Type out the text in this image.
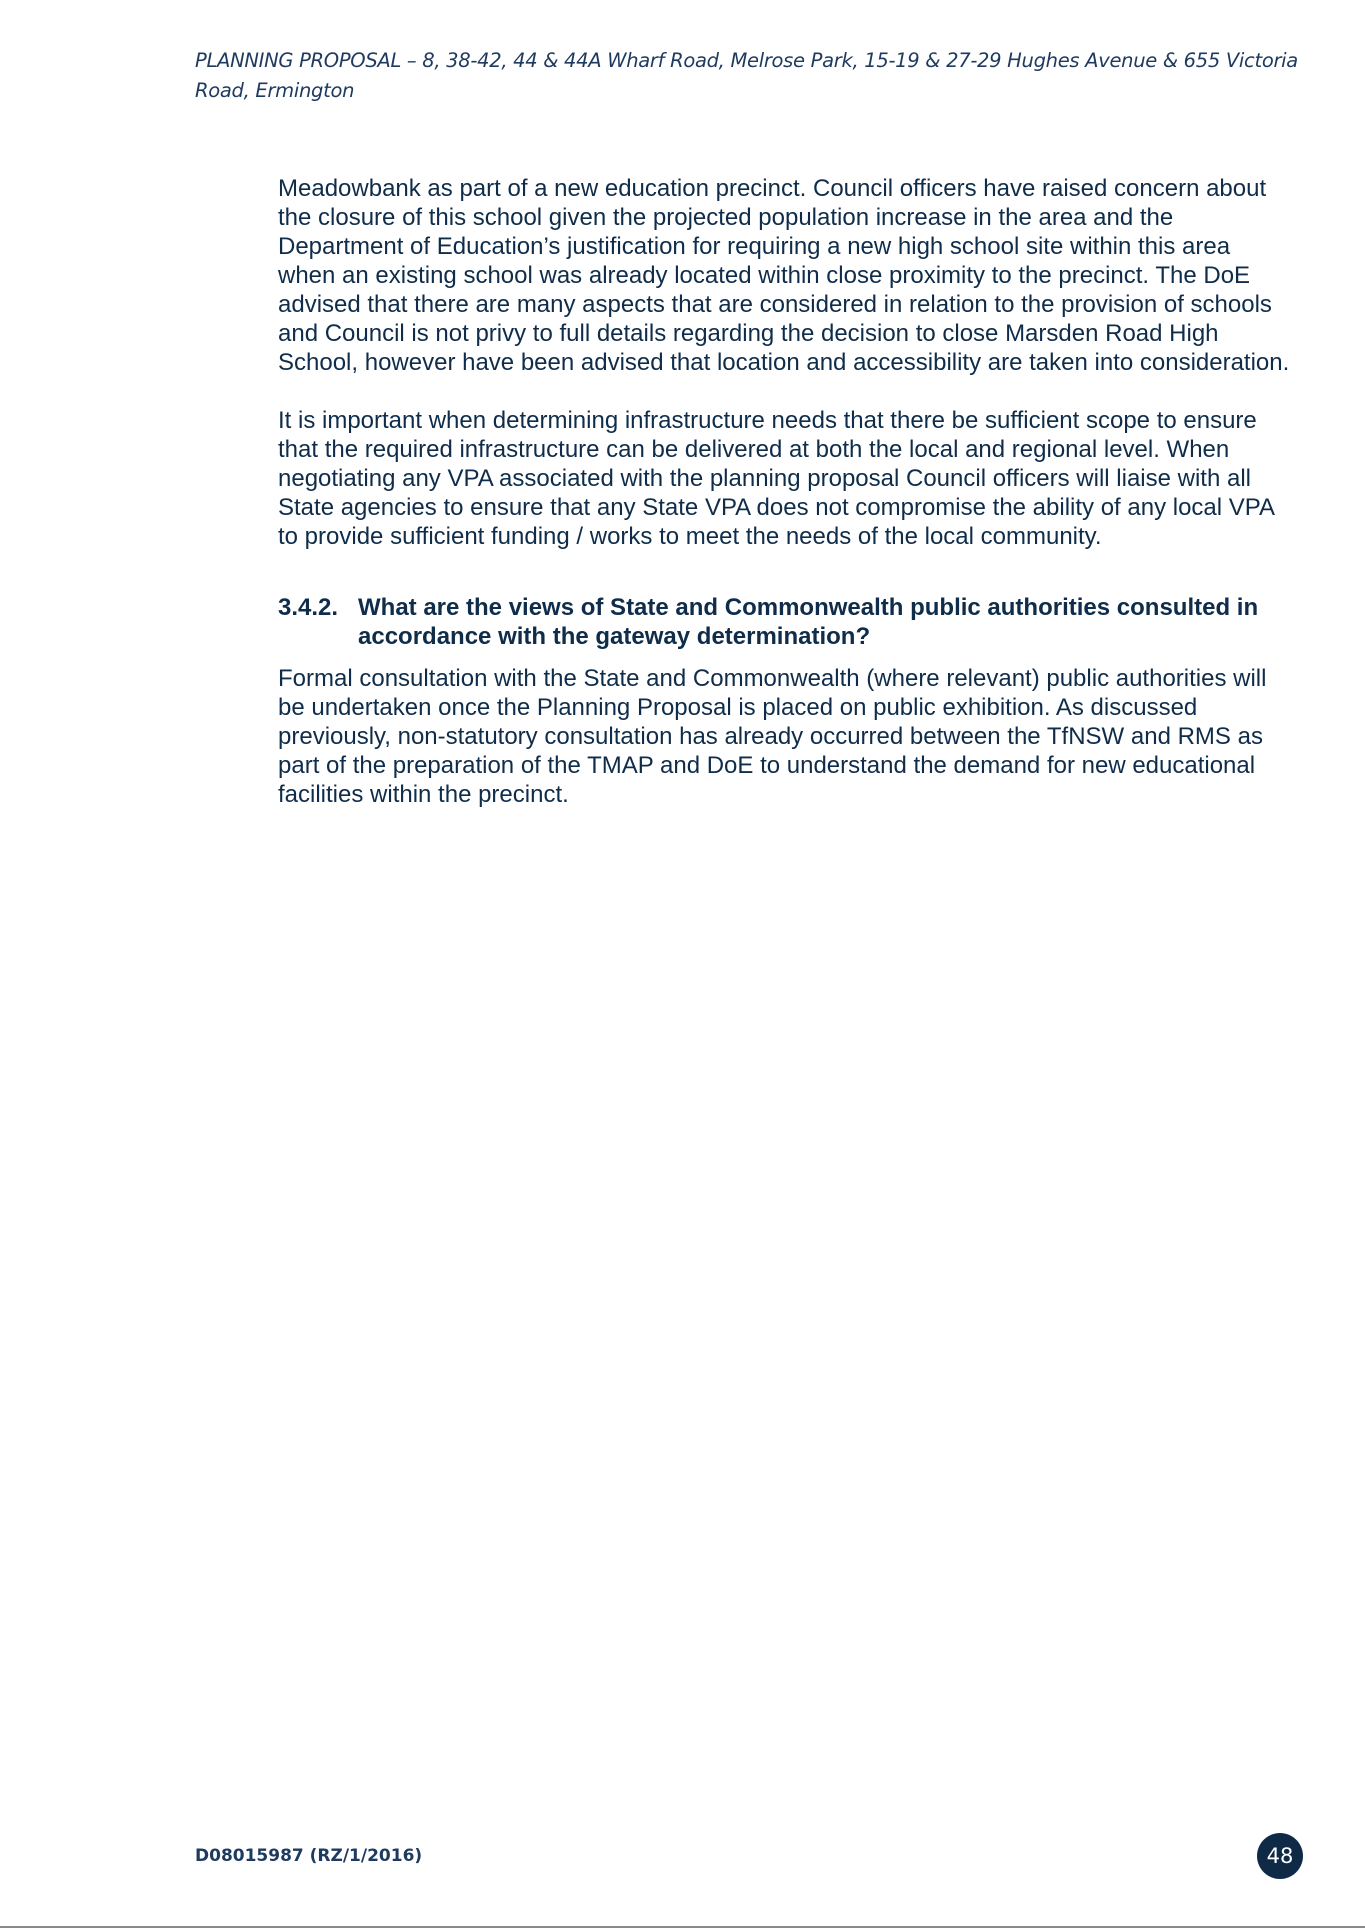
PLANNING PROPOSAL – 8, 38-42, 44 & 44A Wharf Road, Melrose Park, 15-19 & 27-29 Hughes Avenue & 655 Victoria Road, Ermington

Meadowbank as part of a new education precinct. Council officers have raised concern about the closure of this school given the projected population increase in the area and the Department of Education’s justification for requiring a new high school site within this area when an existing school was already located within close proximity to the precinct. The DoE advised that there are many aspects that are considered in relation to the provision of schools and Council is not privy to full details regarding the decision to close Marsden Road High School, however have been advised that location and accessibility are taken into consideration.

It is important when determining infrastructure needs that there be sufficient scope to ensure that the required infrastructure can be delivered at both the local and regional level. When negotiating any VPA associated with the planning proposal Council officers will liaise with all State agencies to ensure that any State VPA does not compromise the ability of any local VPA to provide sufficient funding / works to meet the needs of the local community.

3.4.2. What are the views of State and Commonwealth public authorities consulted in accordance with the gateway determination?

Formal consultation with the State and Commonwealth (where relevant) public authorities will be undertaken once the Planning Proposal is placed on public exhibition. As discussed previously, non-statutory consultation has already occurred between the TfNSW and RMS as part of the preparation of the TMAP and DoE to understand the demand for new educational facilities within the precinct.

D08015987 (RZ/1/2016)	48
